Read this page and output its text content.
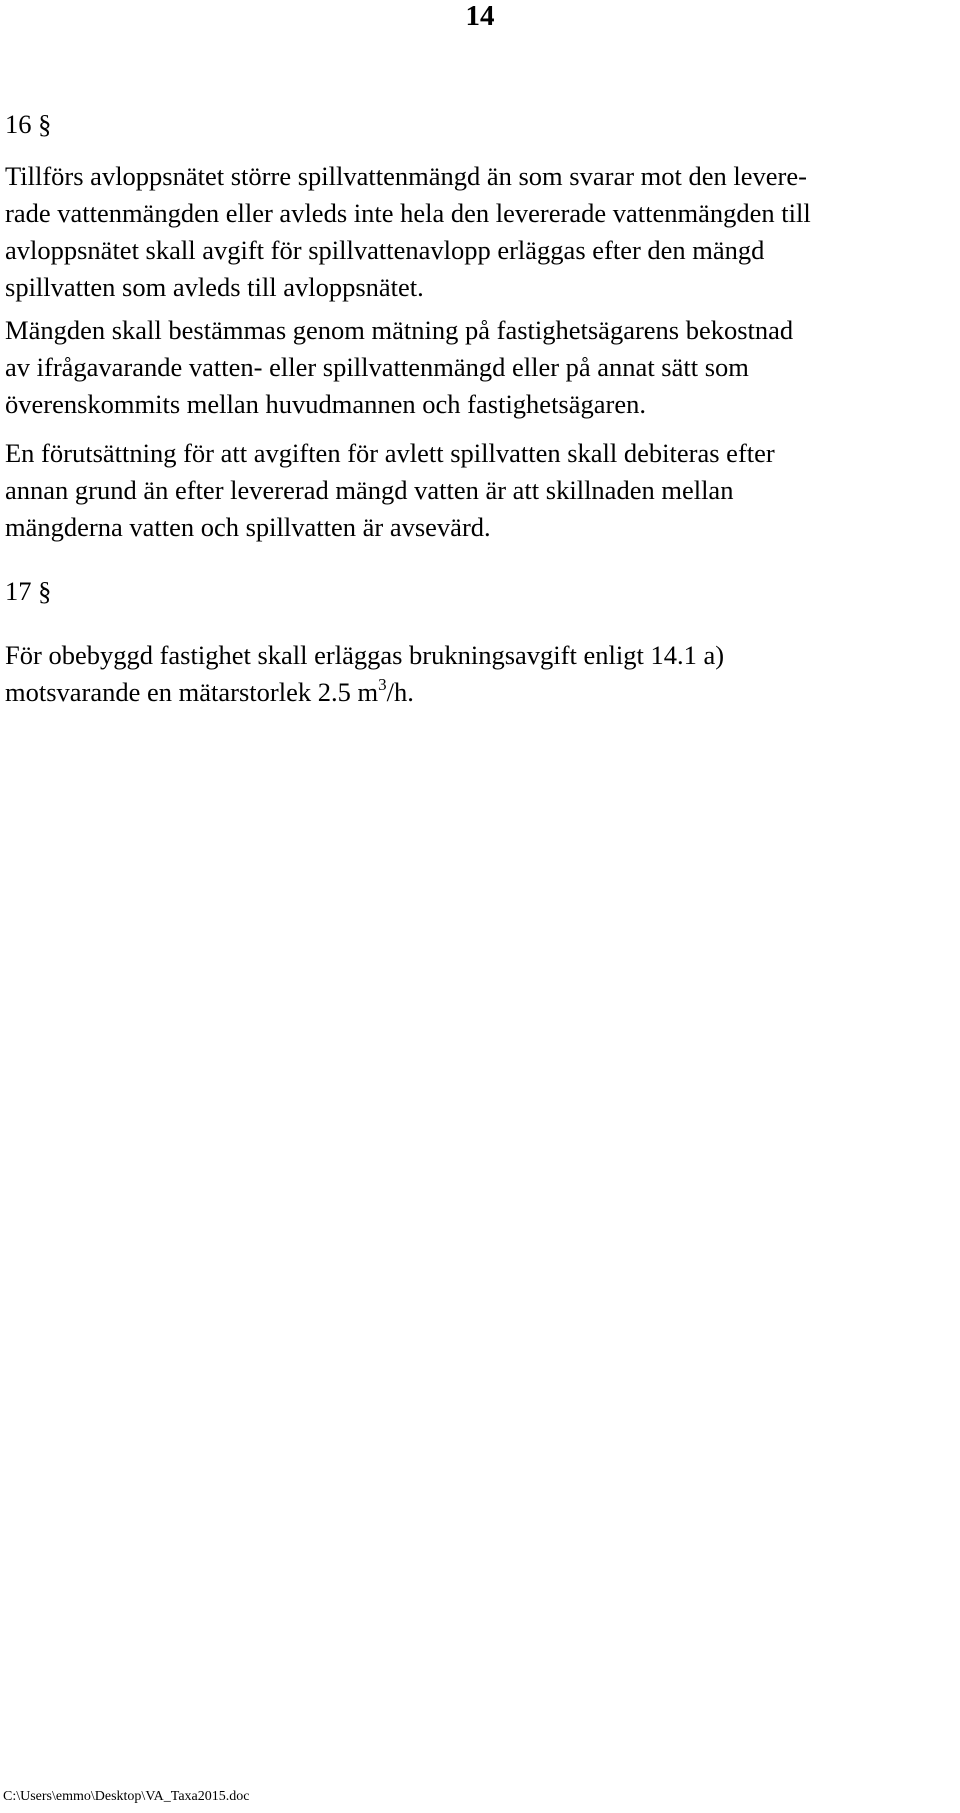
14
16 §
Tillförs avloppsnätet större spillvattenmängd än som svarar mot den levere-
rade vattenmängden eller avleds inte hela den levererade vattenmängden till
avloppsnätet skall avgift för spillvattenavlopp erläggas efter den mängd
spillvatten som avleds till avloppsnätet.
Mängden skall bestämmas genom mätning på fastighetsägarens bekostnad
av ifrågavarande vatten- eller spillvattenmängd eller på annat sätt som
överenskommits mellan huvudmannen och fastighetsägaren.
En förutsättning för att avgiften för avlett spillvatten skall debiteras efter
annan grund än efter levererad mängd vatten är att skillnaden mellan
mängderna vatten och spillvatten är avsevärd.
17 §
För obebyggd fastighet skall erläggas brukningsavgift enligt 14.1 a)
motsvarande en mätarstorlek 2.5 $m^3/h$.
C:\Users\emmo\Desktop\VA_Taxa2015.doc
